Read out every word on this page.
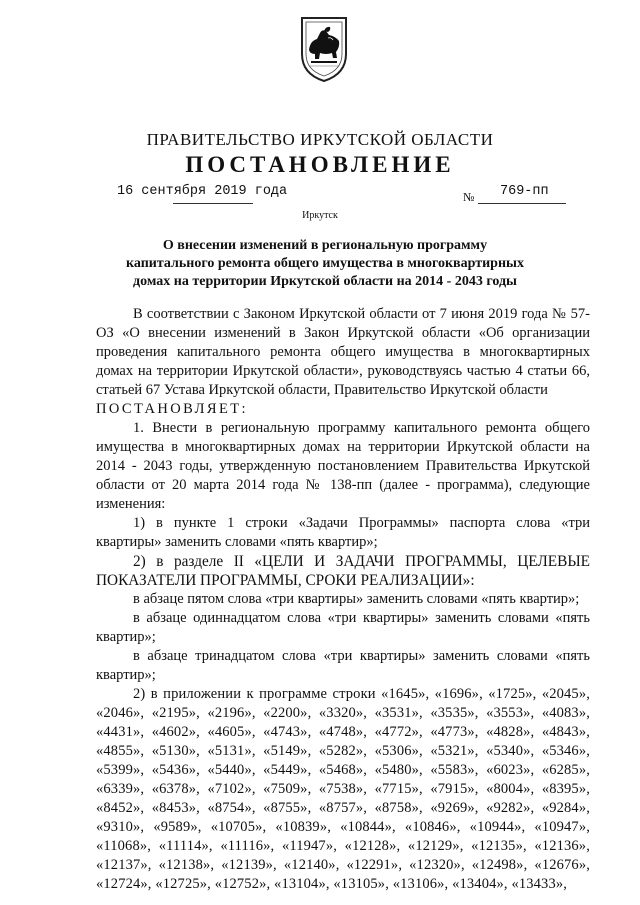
ПРАВИТЕЛЬСТВО ИРКУТСКОЙ ОБЛАСТИ
ПОСТАНОВЛЕНИЕ
16 сентября 2019 года	№ 769-пп
Иркутск
О внесении изменений в региональную программу капитального ремонта общего имущества в многоквартирных домах на территории Иркутской области на 2014 - 2043 годы

В соответствии с Законом Иркутской области от 7 июня 2019 года № 57-ОЗ «О внесении изменений в Закон Иркутской области «Об организации проведения капитального ремонта общего имущества в многоквартирных домах на территории Иркутской области», руководствуясь частью 4 статьи 66, статьей 67 Устава Иркутской области, Правительство Иркутской области

ПОСТАНОВЛЯЕТ:

1. Внести в региональную программу капитального ремонта общего имущества в многоквартирных домах на территории Иркутской области на 2014 - 2043 годы, утвержденную постановлением Правительства Иркутской области от 20 марта 2014 года № 138-пп (далее - программа), следующие изменения:

1) в пункте 1 строки «Задачи Программы» паспорта слова «три квартиры» заменить словами «пять квартир»;

2) в разделе II «ЦЕЛИ И ЗАДАЧИ ПРОГРАММЫ, ЦЕЛЕВЫЕ ПОКАЗАТЕЛИ ПРОГРАММЫ, СРОКИ РЕАЛИЗАЦИИ»:

в абзаце пятом слова «три квартиры» заменить словами «пять квартир»;

в абзаце одиннадцатом слова «три квартиры» заменить словами «пять квартир»;

в абзаце тринадцатом слова «три квартиры» заменить словами «пять квартир»;

2) в приложении к программе строки «1645», «1696», «1725», «2045», «2046», «2195», «2196», «2200», «3320», «3531», «3535», «3553», «4083», «4431», «4602», «4605», «4743», «4748», «4772», «4773», «4828», «4843», «4855», «5130», «5131», «5149», «5282», «5306», «5321», «5340», «5346», «5399», «5436», «5440», «5449», «5468», «5480», «5583», «6023», «6285», «6339», «6378», «7102», «7509», «7538», «7715», «7915», «8004», «8395», «8452», «8453», «8754», «8755», «8757», «8758», «9269», «9282», «9284», «9310», «9589», «10705», «10839», «10844», «10846», «10944», «10947», «11068», «11114», «11116», «11947», «12128», «12129», «12135», «12136», «12137», «12138», «12139», «12140», «12291», «12320», «12498», «12676», «12724», «12725», «12752», «13104», «13105», «13106», «13404», «13433»,
